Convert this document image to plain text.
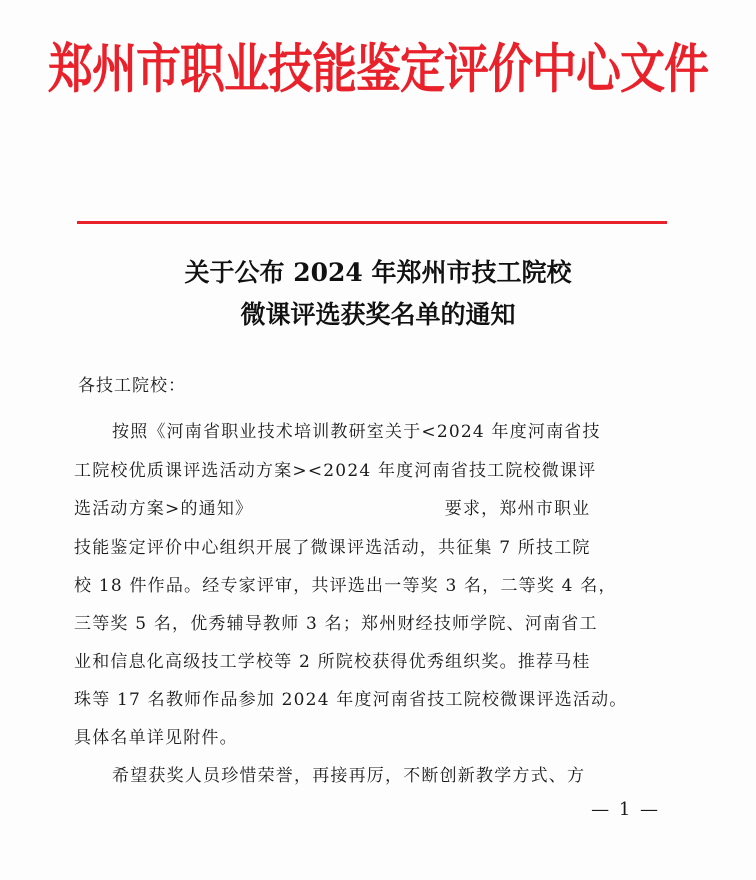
郑州市职业技能鉴定评价中心文件
关于公布 2024 年郑州市技工院校
微课评选获奖名单的通知
各技工院校：
按照《河南省职业技术培训教研室关于<2024 年度河南省技
工院校优质课评选活动方案><2024 年度河南省技工院校微课评
选活动方案>的通知》                             要求，郑州市职业
技能鉴定评价中心组织开展了微课评选活动，共征集 7 所技工院
校 18 件作品。经专家评审，共评选出一等奖 3 名，二等奖 4 名，
三等奖 5 名，优秀辅导教师 3 名；郑州财经技师学院、河南省工
业和信息化高级技工学校等 2 所院校获得优秀组织奖。推荐马桂
珠等 17 名教师作品参加 2024 年度河南省技工院校微课评选活动。
具体名单详见附件。
希望获奖人员珍惜荣誉，再接再厉，不断创新教学方式、方
— 1 —
